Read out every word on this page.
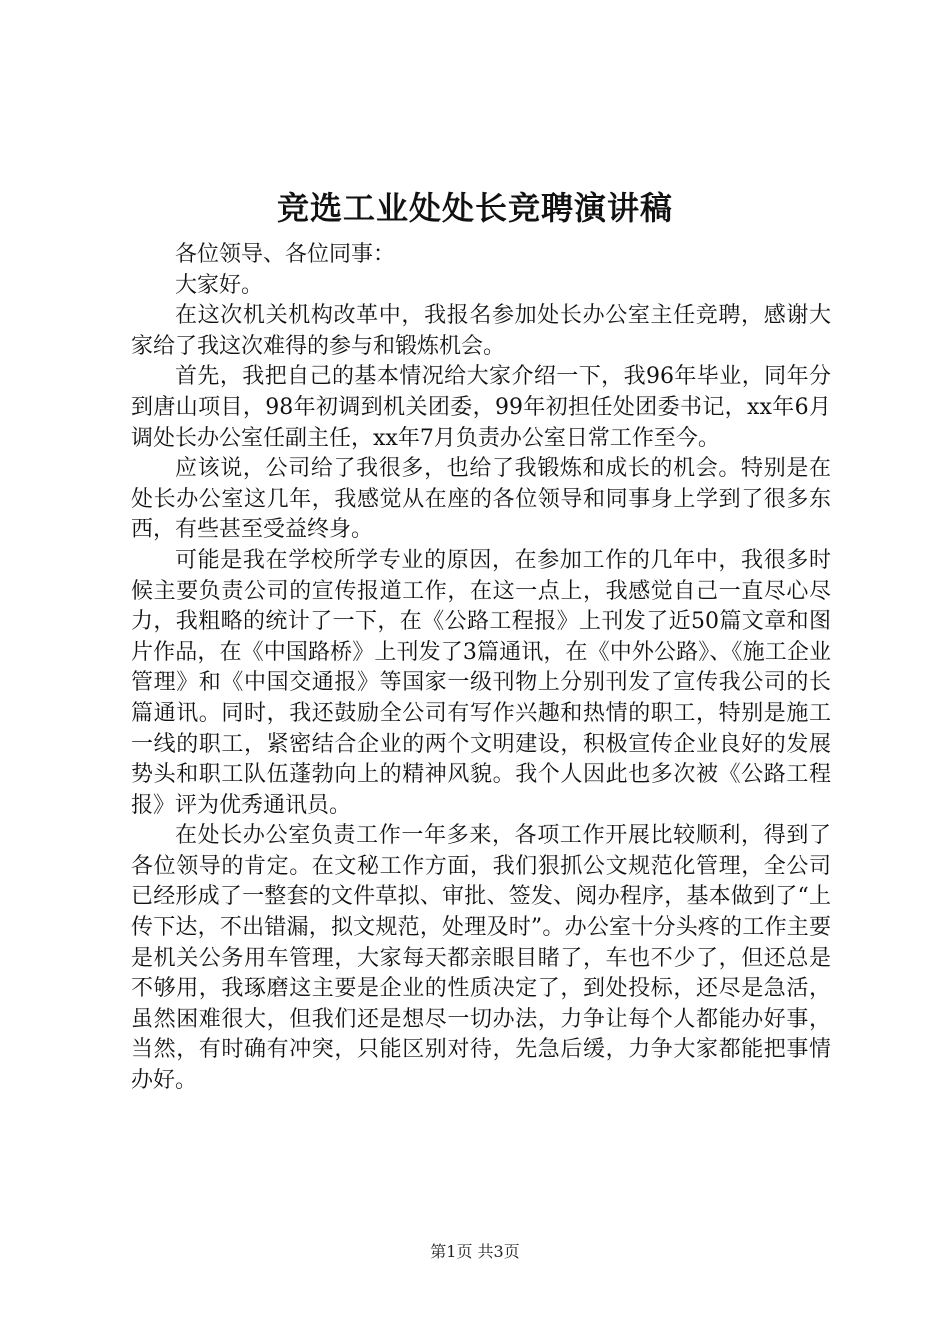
竞选工业处处长竞聘演讲稿

各位领导、各位同事：

大家好。

在这次机关机构改革中，我报名参加处长办公室主任竞聘，感谢大家给了我这次难得的参与和锻炼机会。

首先，我把自己的基本情况给大家介绍一下，我96年毕业，同年分到唐山项目，98年初调到机关团委，99年初担任处团委书记，xx年6月调处长办公室任副主任，xx年7月负责办公室日常工作至今。

应该说，公司给了我很多，也给了我锻炼和成长的机会。特别是在处长办公室这几年，我感觉从在座的各位领导和同事身上学到了很多东西，有些甚至受益终身。

可能是我在学校所学专业的原因，在参加工作的几年中，我很多时候主要负责公司的宣传报道工作，在这一点上，我感觉自己一直尽心尽力，我粗略的统计了一下，在《公路工程报》上刊发了近50篇文章和图片作品，在《中国路桥》上刊发了3篇通讯，在《中外公路》、《施工企业管理》和《中国交通报》等国家一级刊物上分别刊发了宣传我公司的长篇通讯。同时，我还鼓励全公司有写作兴趣和热情的职工，特别是施工一线的职工，紧密结合企业的两个文明建设，积极宣传企业良好的发展势头和职工队伍蓬勃向上的精神风貌。我个人因此也多次被《公路工程报》评为优秀通讯员。

在处长办公室负责工作一年多来，各项工作开展比较顺利，得到了各位领导的肯定。在文秘工作方面，我们狠抓公文规范化管理，全公司已经形成了一整套的文件草拟、审批、签发、阅办程序，基本做到了“上传下达，不出错漏，拟文规范，处理及时”。办公室十分头疼的工作主要是机关公务用车管理，大家每天都亲眼目睹了，车也不少了，但还总是不够用，我琢磨这主要是企业的性质决定了，到处投标，还尽是急活，虽然困难很大，但我们还是想尽一切办法，力争让每个人都能办好事，当然，有时确有冲突，只能区别对待，先急后缓，力争大家都能把事情办好。

第1页 共3页
